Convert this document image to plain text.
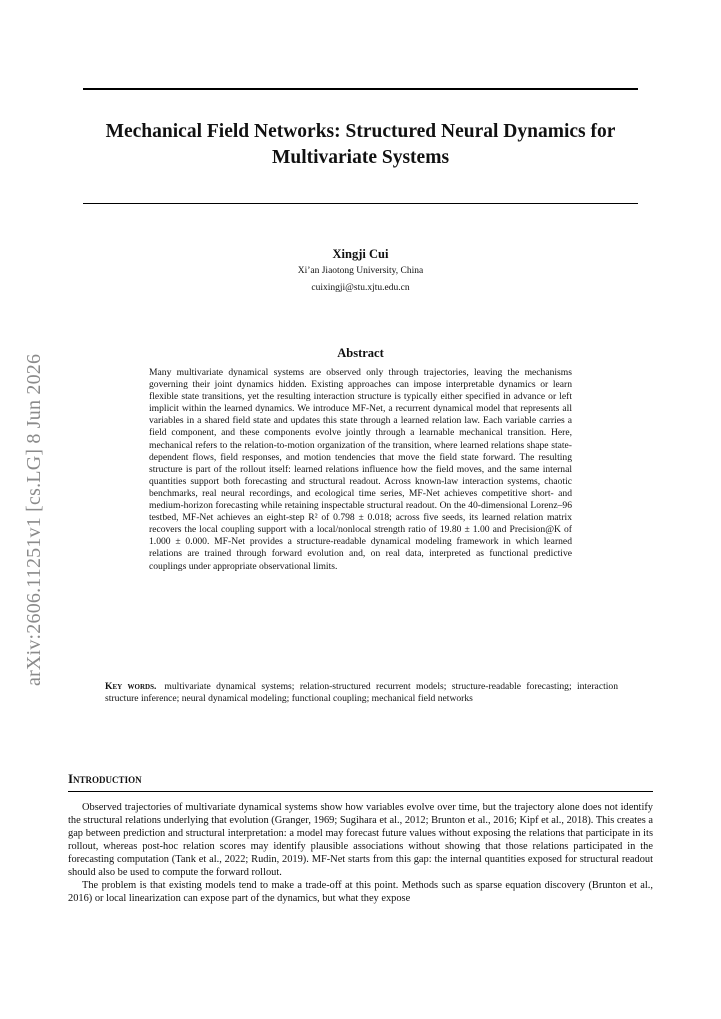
Mechanical Field Networks: Structured Neural Dynamics for Multivariate Systems
Xingji Cui
Xi’an Jiaotong University, China
cuixingji@stu.xjtu.edu.cn
arXiv:2606.11251v1 [cs.LG] 8 Jun 2026
Abstract
Many multivariate dynamical systems are observed only through trajectories, leaving the mechanisms governing their joint dynamics hidden. Existing approaches can impose interpretable dynamics or learn flexible state transitions, yet the resulting interaction structure is typically either specified in advance or left implicit within the learned dynamics. We introduce MF-Net, a recurrent dynamical model that represents all variables in a shared field state and updates this state through a learned relation law. Each variable carries a field component, and these components evolve jointly through a learnable mechanical transition. Here, mechanical refers to the relation-to-motion organization of the transition, where learned relations shape state-dependent flows, field responses, and motion tendencies that move the field state forward. The resulting structure is part of the rollout itself: learned relations influence how the field moves, and the same internal quantities support both forecasting and structural readout. Across known-law interaction systems, chaotic benchmarks, real neural recordings, and ecological time series, MF-Net achieves competitive short- and medium-horizon forecasting while retaining inspectable structural readout. On the 40-dimensional Lorenz–96 testbed, MF-Net achieves an eight-step R² of 0.798 ± 0.018; across five seeds, its learned relation matrix recovers the local coupling support with a local/nonlocal strength ratio of 19.80 ± 1.00 and Precision@K of 1.000 ± 0.000. MF-Net provides a structure-readable dynamical modeling framework in which learned relations are trained through forward evolution and, on real data, interpreted as functional predictive couplings under appropriate observational limits.
Key words. multivariate dynamical systems; relation-structured recurrent models; structure-readable forecasting; interaction structure inference; neural dynamical modeling; functional coupling; mechanical field networks
Introduction

Observed trajectories of multivariate dynamical systems show how variables evolve over time, but the trajectory alone does not identify the structural relations underlying that evolution (Granger, 1969; Sugihara et al., 2012; Brunton et al., 2016; Kipf et al., 2018). This creates a gap between prediction and structural interpretation: a model may forecast future values without exposing the relations that participate in its rollout, whereas post-hoc relation scores may identify plausible associations without showing that those relations participated in the forecasting computation (Tank et al., 2022; Rudin, 2019). MF-Net starts from this gap: the internal quantities exposed for structural readout should also be used to compute the forward rollout.

The problem is that existing models tend to make a trade-off at this point. Methods such as sparse equation discovery (Brunton et al., 2016) or local linearization can expose part of the dynamics, but what they expose
